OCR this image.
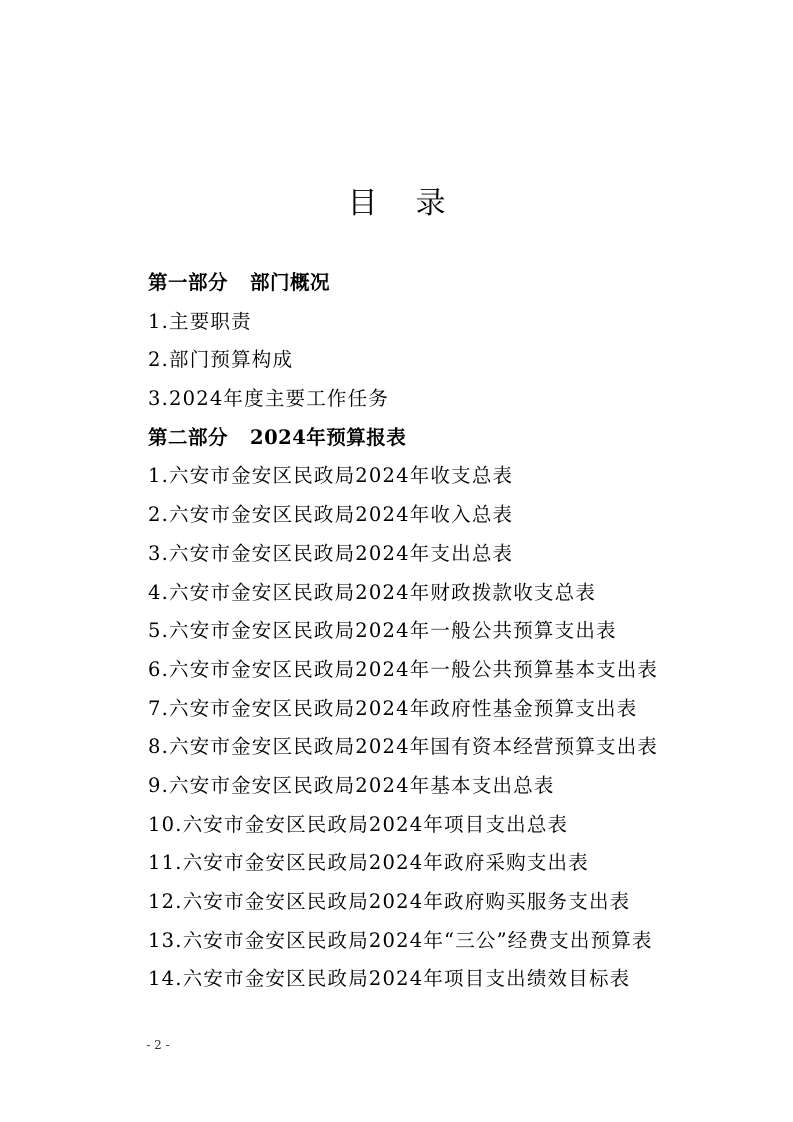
目录
第一部分 部门概况
1.主要职责
2.部门预算构成
3.2024年度主要工作任务
第二部分 2024年预算报表
1.六安市金安区民政局2024年收支总表
2.六安市金安区民政局2024年收入总表
3.六安市金安区民政局2024年支出总表
4.六安市金安区民政局2024年财政拨款收支总表
5.六安市金安区民政局2024年一般公共预算支出表
6.六安市金安区民政局2024年一般公共预算基本支出表
7.六安市金安区民政局2024年政府性基金预算支出表
8.六安市金安区民政局2024年国有资本经营预算支出表
9.六安市金安区民政局2024年基本支出总表
10.六安市金安区民政局2024年项目支出总表
11.六安市金安区民政局2024年政府采购支出表
12.六安市金安区民政局2024年政府购买服务支出表
13.六安市金安区民政局2024年“三公”经费支出预算表
14.六安市金安区民政局2024年项目支出绩效目标表
- 2 -
